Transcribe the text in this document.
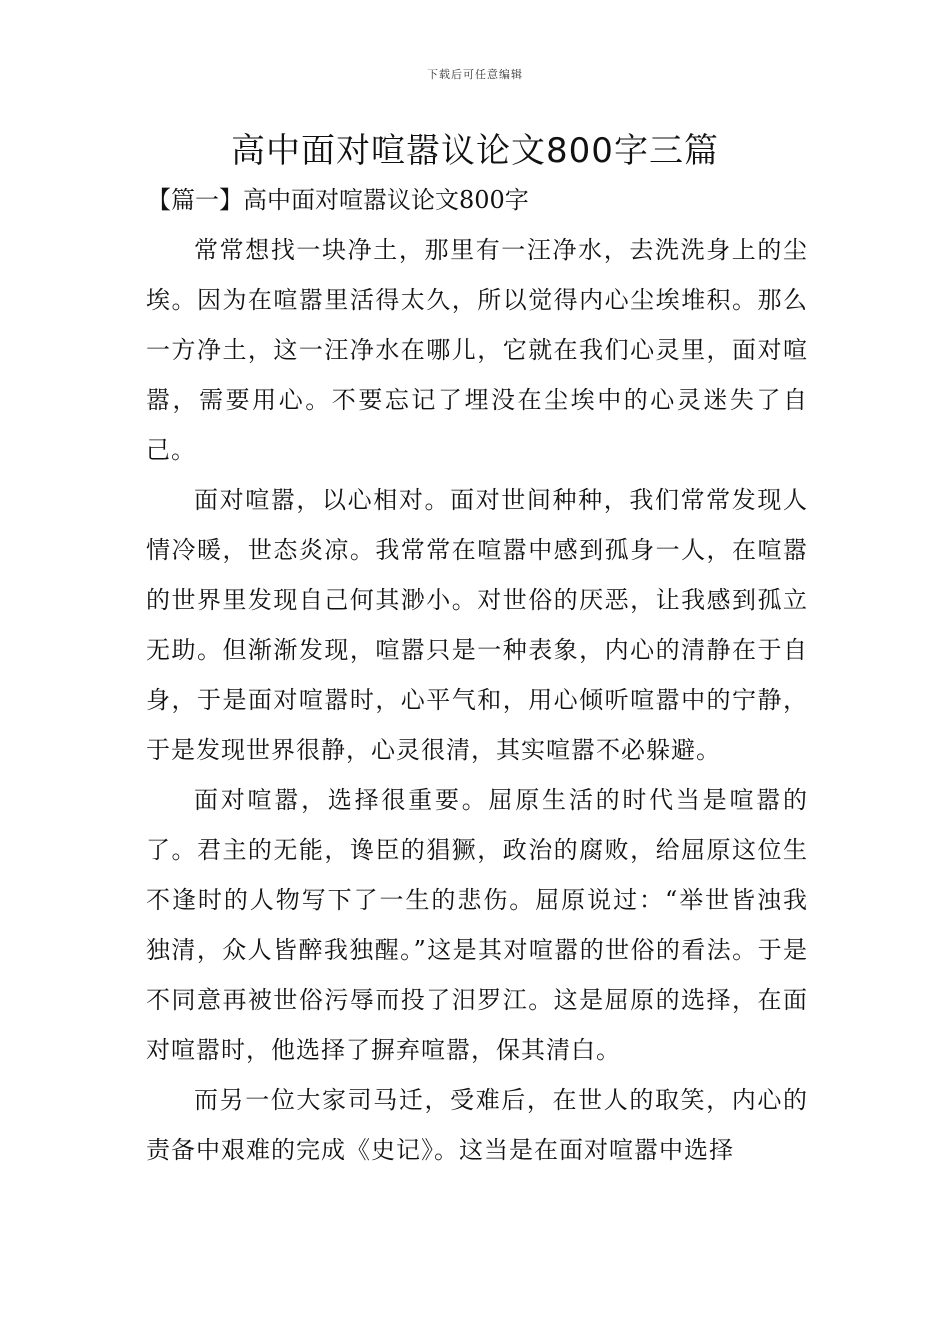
下载后可任意编辑
高中面对喧嚣议论文800字三篇
【篇一】高中面对喧嚣议论文800字

常常想找一块净土，那里有一汪净水，去洗洗身上的尘埃。因为在喧嚣里活得太久，所以觉得内心尘埃堆积。那么一方净土，这一汪净水在哪儿，它就在我们心灵里，面对喧嚣，需要用心。不要忘记了埋没在尘埃中的心灵迷失了自己。

面对喧嚣，以心相对。面对世间种种，我们常常发现人情冷暖，世态炎凉。我常常在喧嚣中感到孤身一人，在喧嚣的世界里发现自己何其渺小。对世俗的厌恶，让我感到孤立无助。但渐渐发现，喧嚣只是一种表象，内心的清静在于自身，于是面对喧嚣时，心平气和，用心倾听喧嚣中的宁静，于是发现世界很静，心灵很清，其实喧嚣不必躲避。

面对喧嚣，选择很重要。屈原生活的时代当是喧嚣的了。君主的无能，谗臣的猖獗，政治的腐败，给屈原这位生不逢时的人物写下了一生的悲伤。屈原说过：“举世皆浊我独清，众人皆醉我独醒。”这是其对喧嚣的世俗的看法。于是不同意再被世俗污辱而投了汨罗江。这是屈原的选择，在面对喧嚣时，他选择了摒弃喧嚣，保其清白。

而另一位大家司马迁，受难后，在世人的取笑，内心的责备中艰难的完成《史记》。这当是在面对喧嚣中选择
